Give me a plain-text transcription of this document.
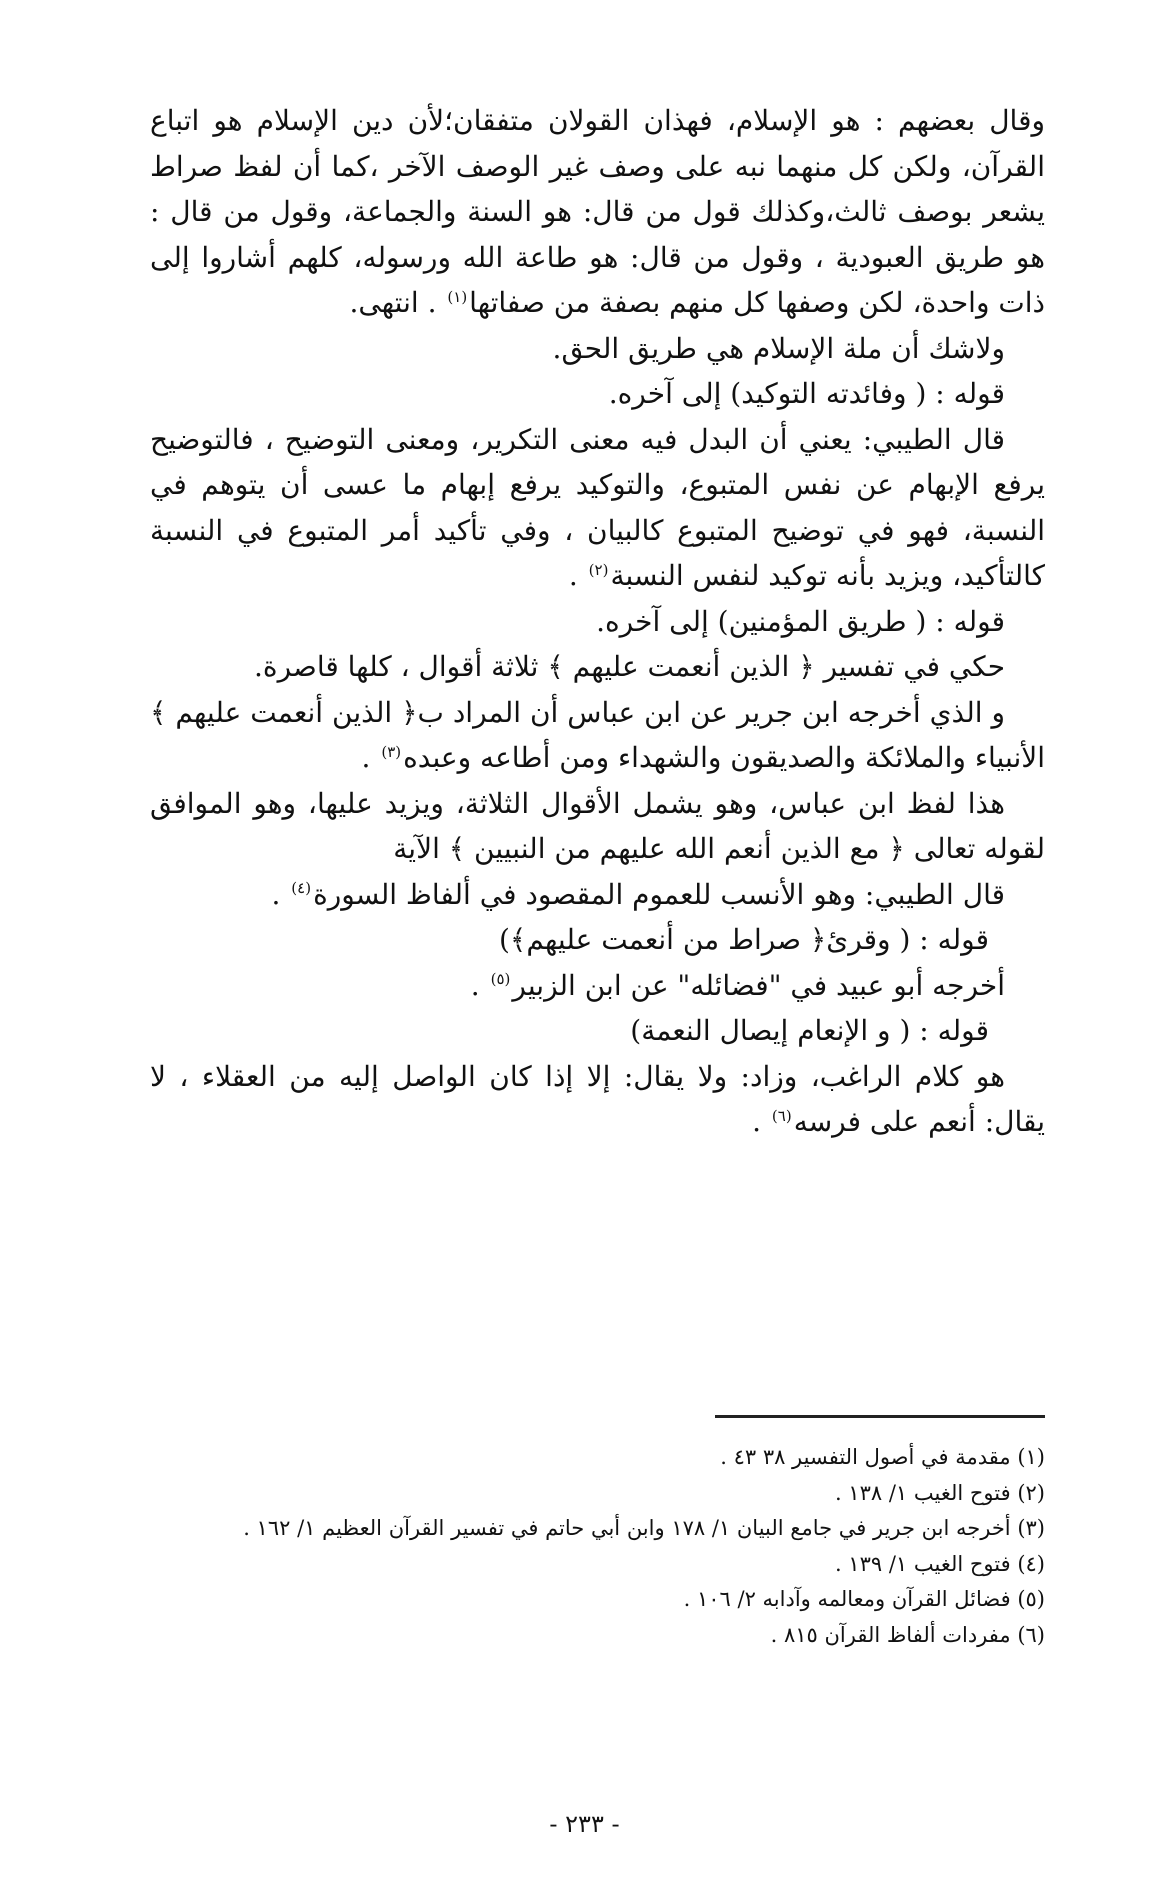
وقال بعضهم : هو الإسلام، فهذان القولان متفقان؛لأن دين الإسلام هو اتباع القرآن، ولكن كل منهما نبه على وصف غير الوصف الآخر ،كما أن لفظ صراط يشعر بوصف ثالث،وكذلك قول من قال: هو السنة والجماعة، وقول من قال : هو طريق العبودية ، وقول من قال: هو طاعة الله ورسوله، كلهم أشاروا إلى ذات واحدة، لكن وصفها كل منهم بصفة من صفاتها$^{(١)}$ . انتهى.

ولاشك أن ملة الإسلام هي طريق الحق.

قوله : ( وفائدته التوكيد) إلى آخره.

قال الطيبي: يعني أن البدل فيه معنى التكرير، ومعنى التوضيح ، فالتوضيح يرفع الإبهام عن نفس المتبوع، والتوكيد يرفع إبهام ما عسى أن يتوهم في النسبة، فهو في توضيح المتبوع كالبيان ، وفي تأكيد أمر المتبوع في النسبة كالتأكيد، ويزيد بأنه توكيد لنفس النسبة$^{(٢)}$ .

قوله : ( طريق المؤمنين) إلى آخره.

حكي في تفسير ﴿ الذين أنعمت عليهم ﴾ ثلاثة أقوال ، كلها قاصرة.

و الذي أخرجه ابن جرير عن ابن عباس أن المراد ب﴿ الذين أنعمت عليهم ﴾ الأنبياء والملائكة والصديقون والشهداء ومن أطاعه وعبده$^{(٣)}$ .

هذا لفظ ابن عباس، وهو يشمل الأقوال الثلاثة، ويزيد عليها، وهو الموافق لقوله تعالى ﴿ مع الذين أنعم الله عليهم من النبيين ﴾ الآية

قال الطيبي: وهو الأنسب للعموم المقصود في ألفاظ السورة$^{(٤)}$ .

قوله : ( وقرئ﴿ صراط من أنعمت عليهم﴾)

أخرجه أبو عبيد في "فضائله" عن ابن الزبير$^{(٥)}$ .

قوله : ( و الإنعام إيصال النعمة)

هو كلام الراغب، وزاد: ولا يقال: إلا إذا كان الواصل إليه من العقلاء ، لا يقال: أنعم على فرسه$^{(٦)}$ .

(١) مقدمة في أصول التفسير ٣٨ ٤٣ .

(٢) فتوح الغيب ١/ ١٣٨ .

(٣) أخرجه ابن جرير في جامع البيان ١/ ١٧٨ وابن أبي حاتم في تفسير القرآن العظيم ١/ ١٦٢ .

(٤) فتوح الغيب ١/ ١٣٩ .

(٥) فضائل القرآن ومعالمه وآدابه ٢/ ١٠٦ .

(٦) مفردات ألفاظ القرآن ٨١٥ .

- ٢٣٣ -
